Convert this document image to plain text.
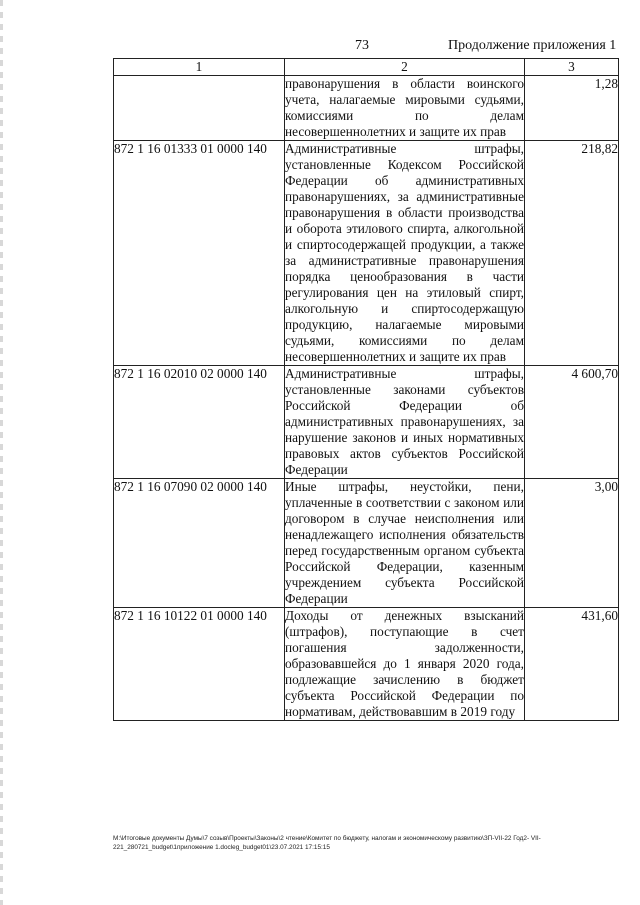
73	Продолжение приложения 1
1	2	3
	правонарушения в области воинского учета, налагаемые мировыми судьями, комиссиями по делам несовершеннолетних и защите их прав	1,28
872 1 16 01333 01 0000 140	Административные штрафы, установленные Кодексом Российской Федерации об административных правонарушениях, за административные правонарушения в области производства и оборота этилового спирта, алкогольной и спиртосодержащей продукции, а также за административные правонарушения порядка ценообразования в части регулирования цен на этиловый спирт, алкогольную и спиртосодержащую продукцию, налагаемые мировыми судьями, комиссиями по делам несовершеннолетних и защите их прав	218,82
872 1 16 02010 02 0000 140	Административные штрафы, установленные законами субъектов Российской Федерации об административных правонарушениях, за нарушение законов и иных нормативных правовых актов субъектов Российской Федерации	4 600,70
872 1 16 07090 02 0000 140	Иные штрафы, неустойки, пени, уплаченные в соответствии с законом или договором в случае неисполнения или ненадлежащего исполнения обязательств перед государственным органом субъекта Российской Федерации, казенным учреждением субъекта Российской Федерации	3,00
872 1 16 10122 01 0000 140	Доходы от денежных взысканий (штрафов), поступающие в счет погашения задолженности, образовавшейся до 1 января 2020 года, подлежащие зачислению в бюджет субъекта Российской Федерации по нормативам, действовавшим в 2019 году	431,60
M:\Итоговые документы Думы\7 созыв\Проекты\Законы\2 чтение\Комитет по бюджету, налогам и экономическому развитию\ЗП-VII-22 Год2- VII-221_280721_budget\1приложение 1.docleg_budget01\23.07.2021 17:15:15
